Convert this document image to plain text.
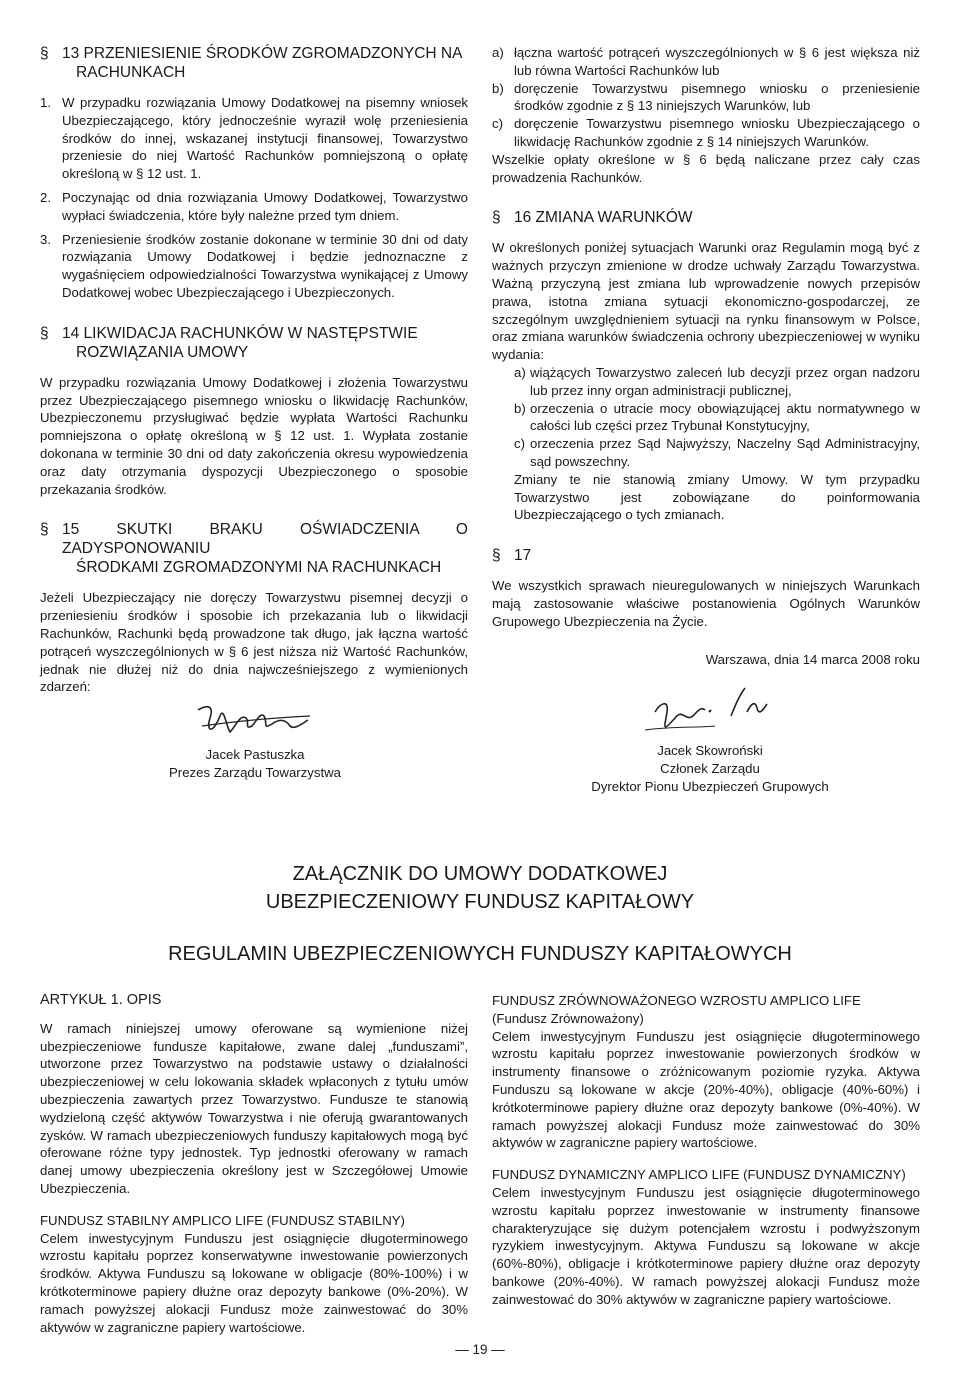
§ 13 PRZENIESIENIE ŚRODKÓW ZGROMADZONYCH NA
RACHUNKACH

1. W przypadku rozwiązania Umowy Dodatkowej na pisemny wniosek Ubezpieczającego, który jednocześnie wyraził wolę przeniesienia środków do innej, wskazanej instytucji finansowej, Towarzystwo przeniesie do niej Wartość Rachunków pomniejszoną o opłatę określoną w § 12 ust. 1.

2. Poczynając od dnia rozwiązania Umowy Dodatkowej, Towarzystwo wypłaci świadczenia, które były należne przed tym dniem.

3. Przeniesienie środków zostanie dokonane w terminie 30 dni od daty rozwiązania Umowy Dodatkowej i będzie jednoznaczne z wygaśnięciem odpowiedzialności Towarzystwa wynikającej z Umowy Dodatkowej wobec Ubezpieczającego i Ubezpieczonych.

§ 14 LIKWIDACJA RACHUNKÓW W NASTĘPSTWIE
ROZWIĄZANIA UMOWY

W przypadku rozwiązania Umowy Dodatkowej i złożenia Towarzystwu przez Ubezpieczającego pisemnego wniosku o likwidację Rachunków, Ubezpieczonemu przysługiwać będzie wypłata Wartości Rachunku pomniejszona o opłatę określoną w § 12 ust. 1. Wypłata zostanie dokonana w terminie 30 dni od daty zakończenia okresu wypowiedzenia oraz daty otrzymania dyspozycji Ubezpieczonego o sposobie przekazania środków.

§ 15 SKUTKI BRAKU OŚWIADCZENIA O ZADYSPONOWANIU
ŚRODKAMI ZGROMADZONYMI NA RACHUNKACH

Jeżeli Ubezpieczający nie doręczy Towarzystwu pisemnej decyzji o przeniesieniu środków i sposobie ich przekazania lub o likwidacji Rachunków, Rachunki będą prowadzone tak długo, jak łączna wartość potrąceń wyszczególnionych w § 6 jest niższa niż Wartość Rachunków, jednak nie dłużej niż do dnia najwcześniejszego z wymienionych zdarzeń:

a) łączna wartość potrąceń wyszczególnionych w § 6 jest większa niż lub równa Wartości Rachunków lub

b) doręczenie Towarzystwu pisemnego wniosku o przeniesienie środków zgodnie z § 13 niniejszych Warunków, lub

c) doręczenie Towarzystwu pisemnego wniosku Ubezpieczającego o likwidację Rachunków zgodnie z § 14 niniejszych Warunków.

Wszelkie opłaty określone w § 6 będą naliczane przez cały czas prowadzenia Rachunków.

§ 16 ZMIANA WARUNKÓW

W określonych poniżej sytuacjach Warunki oraz Regulamin mogą być z ważnych przyczyn zmienione w drodze uchwały Zarządu Towarzystwa. Ważną przyczyną jest zmiana lub wprowadzenie nowych przepisów prawa, istotna zmiana sytuacji ekonomiczno-gospodarczej, ze szczególnym uwzględnieniem sytuacji na rynku finansowym w Polsce, oraz zmiana warunków świadczenia ochrony ubezpieczeniowej w wyniku wydania:

a) wiążących Towarzystwo zaleceń lub decyzji przez organ nadzoru lub przez inny organ administracji publicznej,

b) orzeczenia o utracie mocy obowiązującej aktu normatywnego w całości lub części przez Trybunał Konstytucyjny,

c) orzeczenia przez Sąd Najwyższy, Naczelny Sąd Administracyjny, sąd powszechny.

Zmiany te nie stanowią zmiany Umowy. W tym przypadku Towarzystwo jest zobowiązane do poinformowania Ubezpieczającego o tych zmianach.

§ 17

We wszystkich sprawach nieuregulowanych w niniejszych Warunkach mają zastosowanie właściwe postanowienia Ogólnych Warunków Grupowego Ubezpieczenia na Życie.

Warszawa, dnia 14 marca 2008 roku

Jacek Pastuszka
Prezes Zarządu Towarzystwa
Jacek Skowroński
Członek Zarządu
Dyrektor Pionu Ubezpieczeń Grupowych
ZAŁĄCZNIK DO UMOWY DODATKOWEJ
UBEZPIECZENIOWY FUNDUSZ KAPITAŁOWY
REGULAMIN UBEZPIECZENIOWYCH FUNDUSZY KAPITAŁOWYCH

ARTYKUŁ 1. OPIS

W ramach niniejszej umowy oferowane są wymienione niżej ubezpieczeniowe fundusze kapitałowe, zwane dalej „funduszami”, utworzone przez Towarzystwo na podstawie ustawy o działalności ubezpieczeniowej w celu lokowania składek wpłaconych z tytułu umów ubezpieczenia zawartych przez Towarzystwo. Fundusze te stanowią wydzieloną część aktywów Towarzystwa i nie oferują gwarantowanych zysków. W ramach ubezpieczeniowych funduszy kapitałowych mogą być oferowane różne typy jednostek. Typ jednostki oferowany w ramach danej umowy ubezpieczenia określony jest w Szczegółowej Umowie Ubezpieczenia.

FUNDUSZ STABILNY AMPLICO LIFE (FUNDUSZ STABILNY)

Celem inwestycyjnym Funduszu jest osiągnięcie długoterminowego wzrostu kapitału poprzez konserwatywne inwestowanie powierzonych środków. Aktywa Funduszu są lokowane w obligacje (80%-100%) i w krótkoterminowe papiery dłużne oraz depozyty bankowe (0%-20%). W ramach powyższej alokacji Fundusz może zainwestować do 30% aktywów w zagraniczne papiery wartościowe.

FUNDUSZ ZRÓWNOWAŻONEGO WZROSTU AMPLICO LIFE

(Fundusz Zrównoważony)

Celem inwestycyjnym Funduszu jest osiągnięcie długoterminowego wzrostu kapitału poprzez inwestowanie powierzonych środków w instrumenty finansowe o zróżnicowanym poziomie ryzyka. Aktywa Funduszu są lokowane w akcje (20%-40%), obligacje (40%-60%) i krótkoterminowe papiery dłużne oraz depozyty bankowe (0%-40%). W ramach powyższej alokacji Fundusz może zainwestować do 30% aktywów w zagraniczne papiery wartościowe.

FUNDUSZ DYNAMICZNY AMPLICO LIFE (FUNDUSZ DYNAMICZNY)

Celem inwestycyjnym Funduszu jest osiągnięcie długoterminowego wzrostu kapitału poprzez inwestowanie w instrumenty finansowe charakteryzujące się dużym potencjałem wzrostu i podwyższonym ryzykiem inwestycyjnym. Aktywa Funduszu są lokowane w akcje (60%-80%), obligacje i krótkoterminowe papiery dłużne oraz depozyty bankowe (20%-40%). W ramach powyższej alokacji Fundusz może zainwestować do 30% aktywów w zagraniczne papiery wartościowe.

— 19 —
